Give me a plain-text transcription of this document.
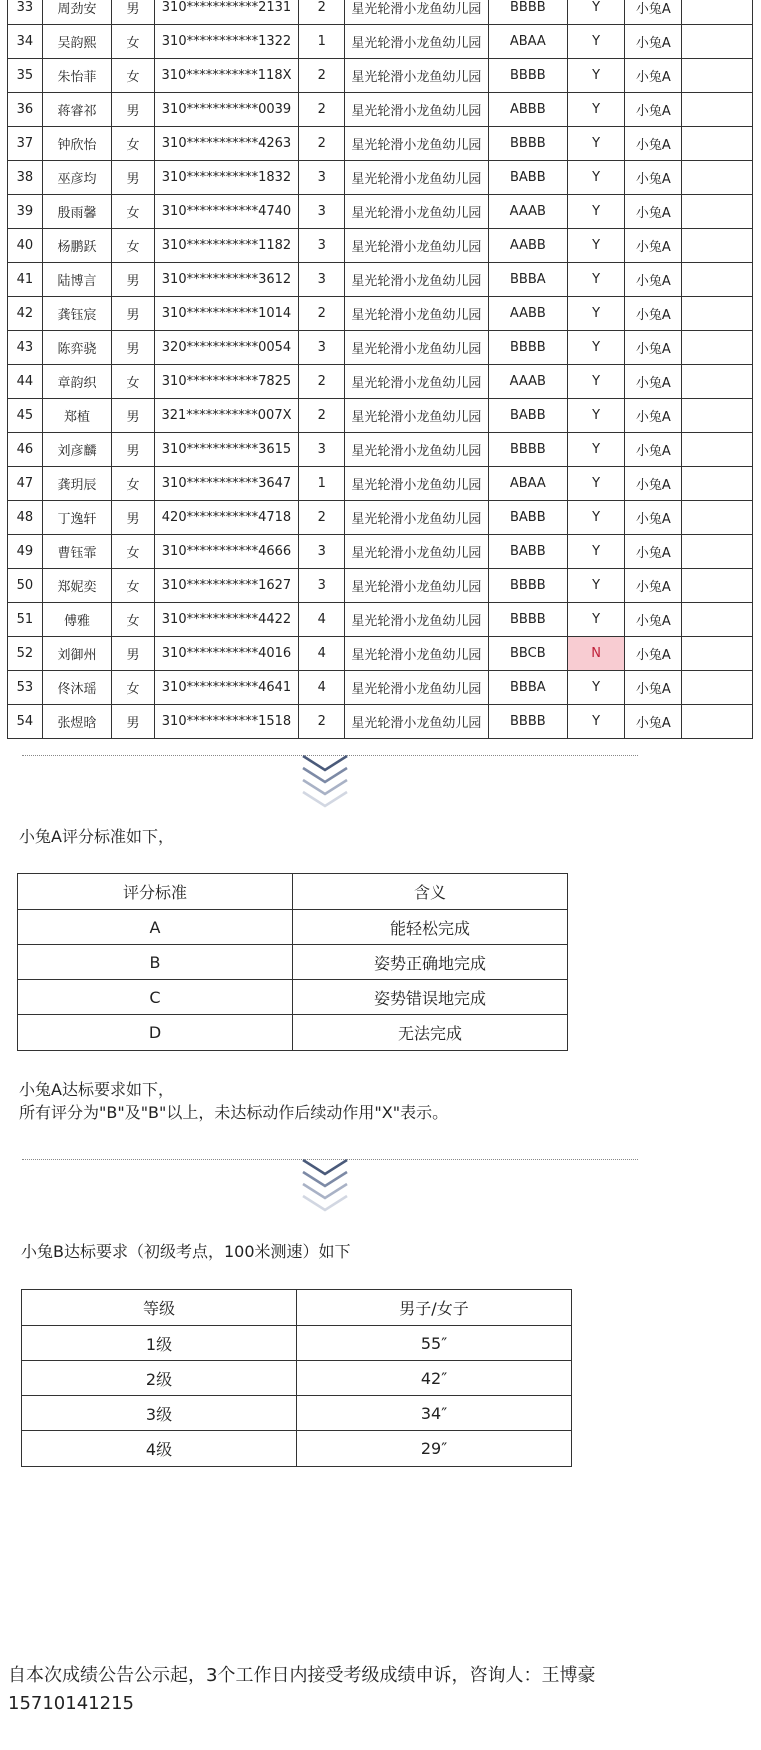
33	周劲安	男	310***********2131	2	星光轮滑小龙鱼幼儿园	BBBB	Y	小兔A	
34	吴韵熙	女	310***********1322	1	星光轮滑小龙鱼幼儿园	ABAA	Y	小兔A	
35	朱怡菲	女	310***********118X	2	星光轮滑小龙鱼幼儿园	BBBB	Y	小兔A	
36	蒋睿祁	男	310***********0039	2	星光轮滑小龙鱼幼儿园	ABBB	Y	小兔A	
37	钟欣怡	女	310***********4263	2	星光轮滑小龙鱼幼儿园	BBBB	Y	小兔A	
38	巫彦均	男	310***********1832	3	星光轮滑小龙鱼幼儿园	BABB	Y	小兔A	
39	殷雨馨	女	310***********4740	3	星光轮滑小龙鱼幼儿园	AAAB	Y	小兔A	
40	杨鹏跃	女	310***********1182	3	星光轮滑小龙鱼幼儿园	AABB	Y	小兔A	
41	陆博言	男	310***********3612	3	星光轮滑小龙鱼幼儿园	BBBA	Y	小兔A	
42	龚钰宸	男	310***********1014	2	星光轮滑小龙鱼幼儿园	AABB	Y	小兔A	
43	陈弈骁	男	320***********0054	3	星光轮滑小龙鱼幼儿园	BBBB	Y	小兔A	
44	章韵织	女	310***********7825	2	星光轮滑小龙鱼幼儿园	AAAB	Y	小兔A	
45	郑植	男	321***********007X	2	星光轮滑小龙鱼幼儿园	BABB	Y	小兔A	
46	刘彦麟	男	310***********3615	3	星光轮滑小龙鱼幼儿园	BBBB	Y	小兔A	
47	龚玥辰	女	310***********3647	1	星光轮滑小龙鱼幼儿园	ABAA	Y	小兔A	
48	丁逸轩	男	420***********4718	2	星光轮滑小龙鱼幼儿园	BABB	Y	小兔A	
49	曹钰霏	女	310***********4666	3	星光轮滑小龙鱼幼儿园	BABB	Y	小兔A	
50	郑妮奕	女	310***********1627	3	星光轮滑小龙鱼幼儿园	BBBB	Y	小兔A	
51	傅雅	女	310***********4422	4	星光轮滑小龙鱼幼儿园	BBBB	Y	小兔A	
52	刘御州	男	310***********4016	4	星光轮滑小龙鱼幼儿园	BBCB	N	小兔A	
53	佟沐瑶	女	310***********4641	4	星光轮滑小龙鱼幼儿园	BBBA	Y	小兔A	
54	张煜晗	男	310***********1518	2	星光轮滑小龙鱼幼儿园	BBBB	Y	小兔A	
小兔A评分标准如下，
评分标准	含义
A	能轻松完成
B	姿势正确地完成
C	姿势错误地完成
D	无法完成
小兔A达标要求如下，
所有评分为"B"及"B"以上，未达标动作后续动作用"X"表示。
小兔B达标要求（初级考点，100米测速）如下
等级	男子/女子
1级	55″
2级	42″
3级	34″
4级	29″
自本次成绩公告公示起，3个工作日内接受考级成绩申诉，咨询人：王博豪
15710141215
